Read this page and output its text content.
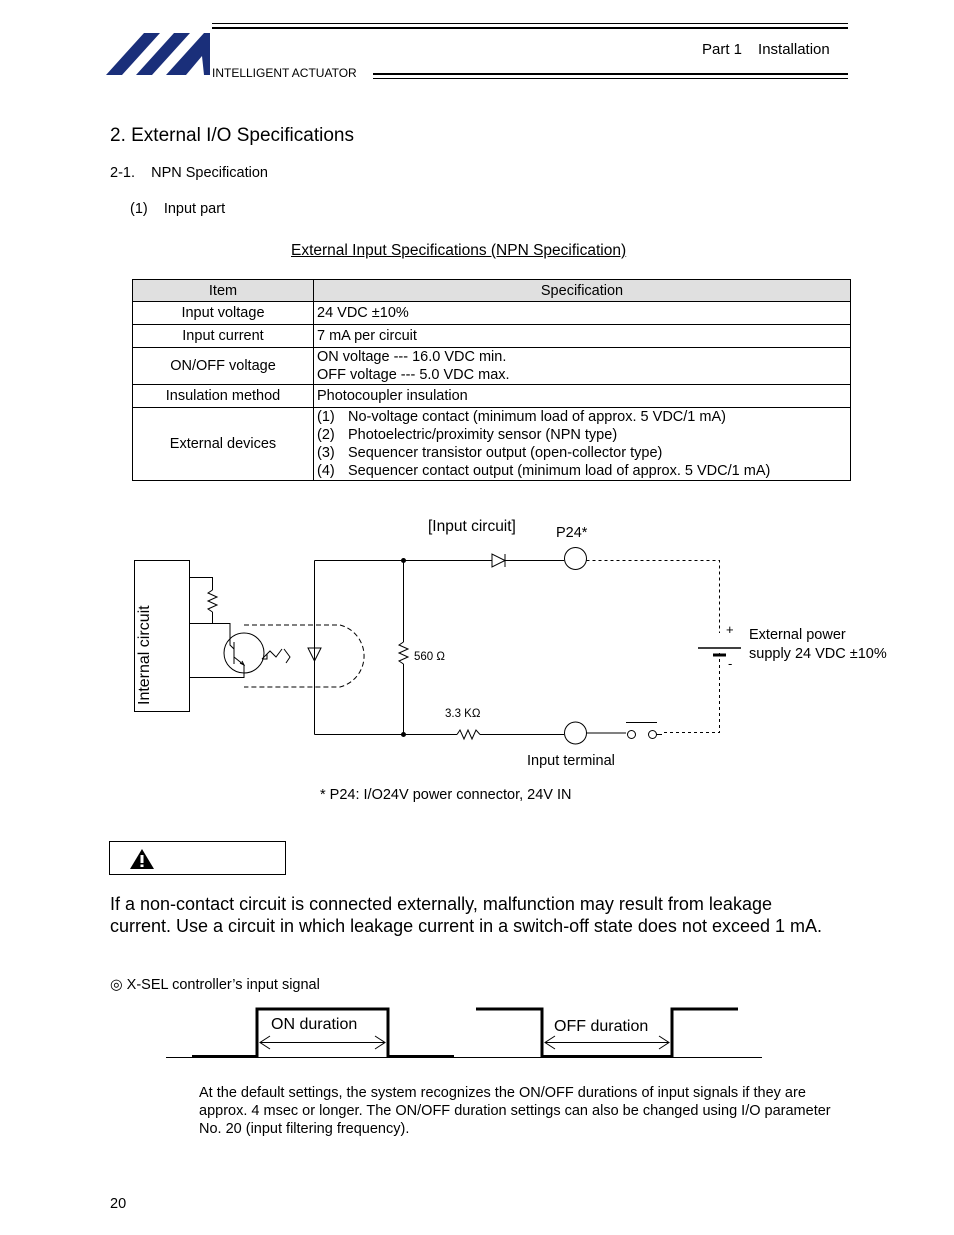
INTELLIGENT ACTUATOR
Part 1 Installation
2. External I/O Specifications
2-1.    NPN Specification
(1)    Input part
External Input Specifications (NPN Specification)
Item	Specification
Input voltage	24 VDC ±10%
Input current	7 mA per circuit
ON/OFF voltage	ON voltage --- 16.0 VDC min.
OFF voltage --- 5.0 VDC max.

Insulation method	Photocoupler insulation
External devices	(1) No-voltage contact (minimum load of approx. 5 VDC/1 mA)
(2) Photoelectric/proximity sensor (NPN type)
(3) Sequencer transistor output (open-collector type)
(4) Sequencer contact output (minimum load of approx. 5 VDC/1 mA)
[Input circuit]	P24*
Internal circuit	560 Ω
3.3 KΩ
+
-
External power
supply 24 VDC ±10%
Input terminal
* P24: I/O24V power connector, 24V IN
If a non-contact circuit is connected externally, malfunction may result from leakage current. Use a circuit in which leakage current in a switch-off state does not exceed 1 mA.
◎ X-SEL controller’s input signal
ON duration	OFF duration
At the default settings, the system recognizes the ON/OFF durations of input signals if they are approx. 4 msec or longer. The ON/OFF duration settings can also be changed using I/O parameter No. 20 (input filtering frequency).
20
